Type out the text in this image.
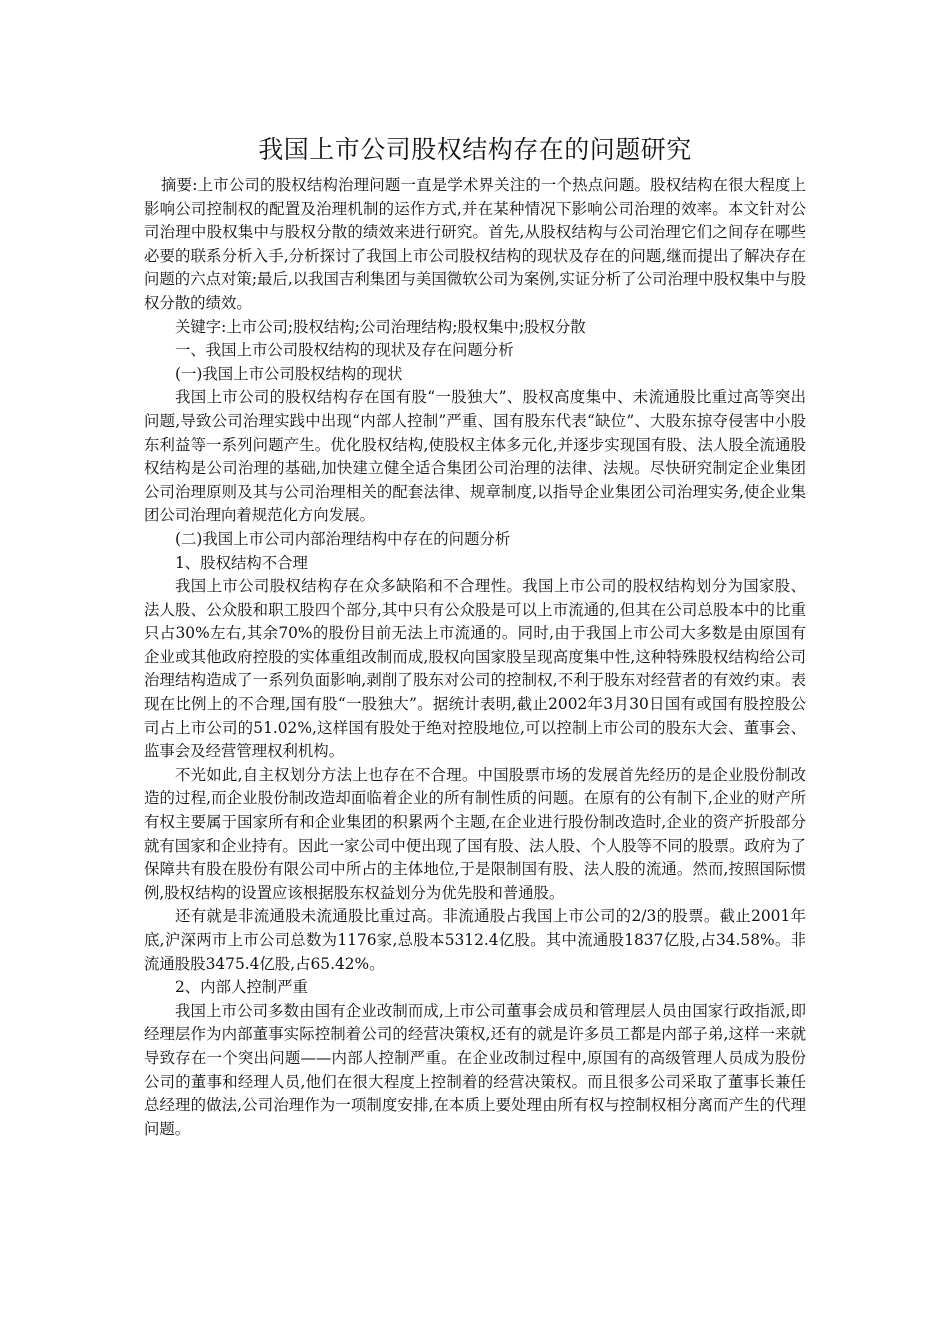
我国上市公司股权结构存在的问题研究

摘要:上市公司的股权结构治理问题一直是学术界关注的一个热点问题。股权结构在很大程度上影响公司控制权的配置及治理机制的运作方式,并在某种情况下影响公司治理的效率。本文针对公司治理中股权集中与股权分散的绩效来进行研究。首先,从股权结构与公司治理它们之间存在哪些必要的联系分析入手,分析探讨了我国上市公司股权结构的现状及存在的问题,继而提出了解决存在问题的六点对策;最后,以我国吉利集团与美国微软公司为案例,实证分析了公司治理中股权集中与股权分散的绩效。

关键字:上市公司;股权结构;公司治理结构;股权集中;股权分散

一、我国上市公司股权结构的现状及存在问题分析

(一)我国上市公司股权结构的现状

我国上市公司的股权结构存在国有股“一股独大”、股权高度集中、未流通股比重过高等突出问题,导致公司治理实践中出现“内部人控制”严重、国有股东代表“缺位”、大股东掠夺侵害中小股东利益等一系列问题产生。优化股权结构,使股权主体多元化,并逐步实现国有股、法人股全流通股权结构是公司治理的基础,加快建立健全适合集团公司治理的法律、法规。尽快研究制定企业集团公司治理原则及其与公司治理相关的配套法律、规章制度,以指导企业集团公司治理实务,使企业集团公司治理向着规范化方向发展。

(二)我国上市公司内部治理结构中存在的问题分析

1、股权结构不合理

我国上市公司股权结构存在众多缺陷和不合理性。我国上市公司的股权结构划分为国家股、法人股、公众股和职工股四个部分,其中只有公众股是可以上市流通的,但其在公司总股本中的比重只占30%左右,其余70%的股份目前无法上市流通的。同时,由于我国上市公司大多数是由原国有企业或其他政府控股的实体重组改制而成,股权向国家股呈现高度集中性,这种特殊股权结构给公司治理结构造成了一系列负面影响,剥削了股东对公司的控制权,不利于股东对经营者的有效约束。表现在比例上的不合理,国有股“一股独大”。据统计表明,截止2002年3月30日国有或国有股控股公司占上市公司的51.02%,这样国有股处于绝对控股地位,可以控制上市公司的股东大会、董事会、监事会及经营管理权利机构。

不光如此,自主权划分方法上也存在不合理。中国股票市场的发展首先经历的是企业股份制改造的过程,而企业股份制改造却面临着企业的所有制性质的问题。在原有的公有制下,企业的财产所有权主要属于国家所有和企业集团的积累两个主题,在企业进行股份制改造时,企业的资产折股部分就有国家和企业持有。因此一家公司中便出现了国有股、法人股、个人股等不同的股票。政府为了保障共有股在股份有限公司中所占的主体地位,于是限制国有股、法人股的流通。然而,按照国际惯例,股权结构的设置应该根据股东权益划分为优先股和普通股。

还有就是非流通股未流通股比重过高。非流通股占我国上市公司的2/3的股票。截止2001年底,沪深两市上市公司总数为1176家,总股本5312.4亿股。其中流通股1837亿股,占34.58%。非流通股股3475.4亿股,占65.42%。

2、内部人控制严重

我国上市公司多数由国有企业改制而成,上市公司董事会成员和管理层人员由国家行政指派,即经理层作为内部董事实际控制着公司的经营决策权,还有的就是许多员工都是内部子弟,这样一来就导致存在一个突出问题——内部人控制严重。在企业改制过程中,原国有的高级管理人员成为股份公司的董事和经理人员,他们在很大程度上控制着的经营决策权。而且很多公司采取了董事长兼任总经理的做法,公司治理作为一项制度安排,在本质上要处理由所有权与控制权相分离而产生的代理问题。
